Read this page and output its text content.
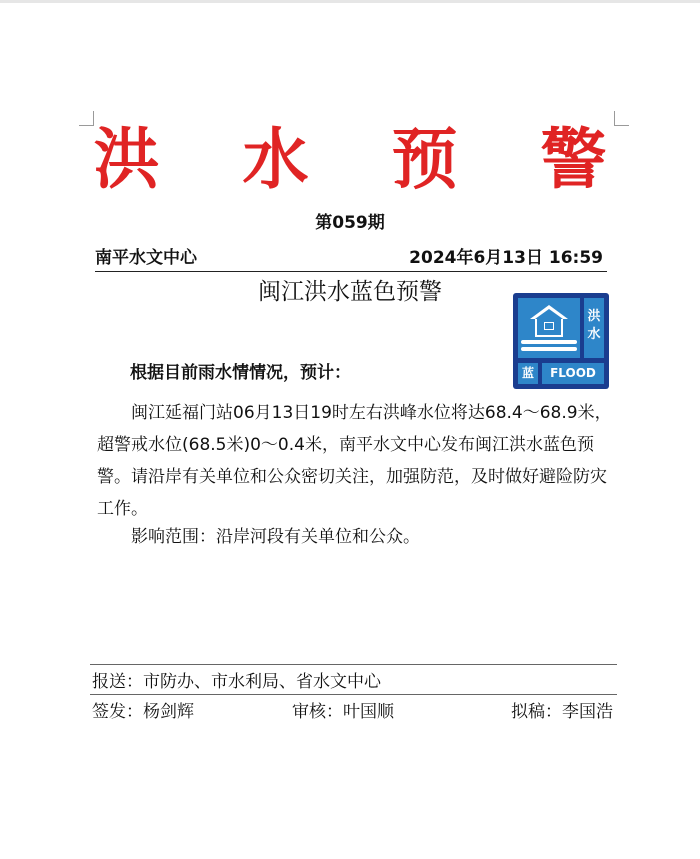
洪 水 预 警
第059期
南平水文中心	2024年6月13日 16:59
闽江洪水蓝色预警
洪
水
蓝	FLOOD
根据目前雨水情情况，预计：
闽江延福门站06月13日19时左右洪峰水位将达68.4～68.9米，超警戒水位(68.5米)0～0.4米，南平水文中心发布闽江洪水蓝色预警。请沿岸有关单位和公众密切关注，加强防范，及时做好避险防灾工作。
影响范围：沿岸河段有关单位和公众。
报送：市防办、市水利局、省水文中心
签发：杨剑辉	审核：叶国顺	拟稿：李国浩
